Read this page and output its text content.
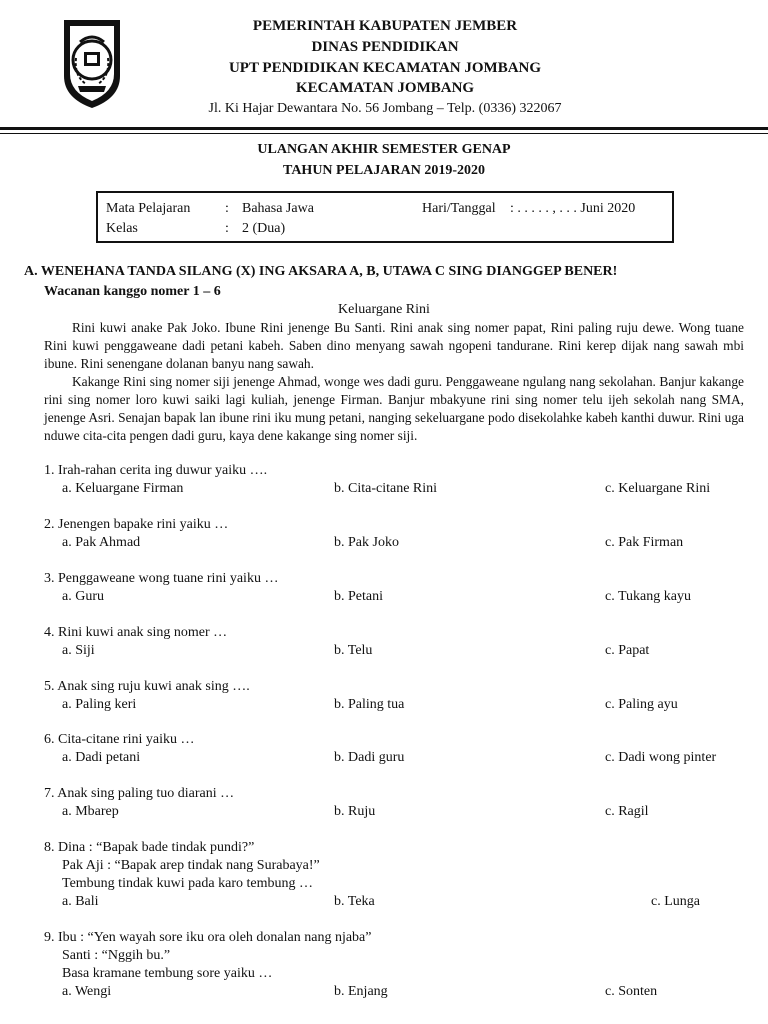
PEMERINTAH KABUPATEN JEMBER
DINAS PENDIDIKAN
UPT PENDIDIKAN KECAMATAN JOMBANG
KECAMATAN JOMBANG
Jl. Ki Hajar Dewantara No. 56 Jombang – Telp. (0336) 322067
ULANGAN AKHIR SEMESTER GENAP
TAHUN PELAJARAN 2019-2020
Mata Pelajaran : Bahasa Jawa
Kelas	: 2 (Dua)
Hari/Tanggal : . . . . . , . . . Juni 2020
A. WENEHANA TANDA SILANG (X) ING AKSARA A, B, UTAWA C SING DIANGGEP BENER!
Wacanan kanggo nomer 1 – 6
Keluargane Rini

Rini kuwi anake Pak Joko. Ibune Rini jenenge Bu Santi. Rini anak sing nomer papat, Rini paling ruju dewe. Wong tuane Rini kuwi penggaweane dadi petani kabeh. Saben dino menyang sawah ngopeni tandurane. Rini kerep dijak nang sawah mbi ibune. Rini senengane dolanan banyu nang sawah.

Kakange Rini sing nomer siji jenenge Ahmad, wonge wes dadi guru. Penggaweane ngulang nang sekolahan. Banjur kakange rini sing nomer loro kuwi saiki lagi kuliah, jenenge Firman. Banjur mbakyune rini sing nomer telu ijeh sekolah nang SMA, jenenge Asri. Senajan bapak lan ibune rini iku mung petani, nanging sekeluargane podo disekolahke kabeh kanthi duwur. Rini uga nduwe cita-cita pengen dadi guru, kaya dene kakange sing nomer siji.

1. Irah-rahan cerita ing duwur yaiku ….
a. Keluargane Firman	b. Cita-citane Rini	c. Keluargane Rini
2. Jenengen bapake rini yaiku …
a. Pak Ahmad	b. Pak Joko	c. Pak Firman
3. Penggaweane wong tuane rini yaiku …
a. Guru	b. Petani	c. Tukang kayu
4. Rini kuwi anak sing nomer …
a. Siji	b. Telu	c. Papat
5. Anak sing ruju kuwi anak sing ….
a. Paling keri	b. Paling tua	c. Paling ayu
6. Cita-citane rini yaiku …
a. Dadi petani	b. Dadi guru	c. Dadi wong pinter
7. Anak sing paling tuo diarani …
a. Mbarep	b. Ruju	c. Ragil
8. Dina : “Bapak bade tindak pundi?”
Pak Aji : “Bapak arep tindak nang Surabaya!”
Tembung tindak kuwi pada karo tembung …
a. Bali	b. Teka	c. Lunga
9. Ibu : “Yen wayah sore iku ora oleh donalan nang njaba”
Santi : “Nggih bu.”
Basa kramane tembung sore yaiku …
a. Wengi	b. Enjang	c. Sonten
